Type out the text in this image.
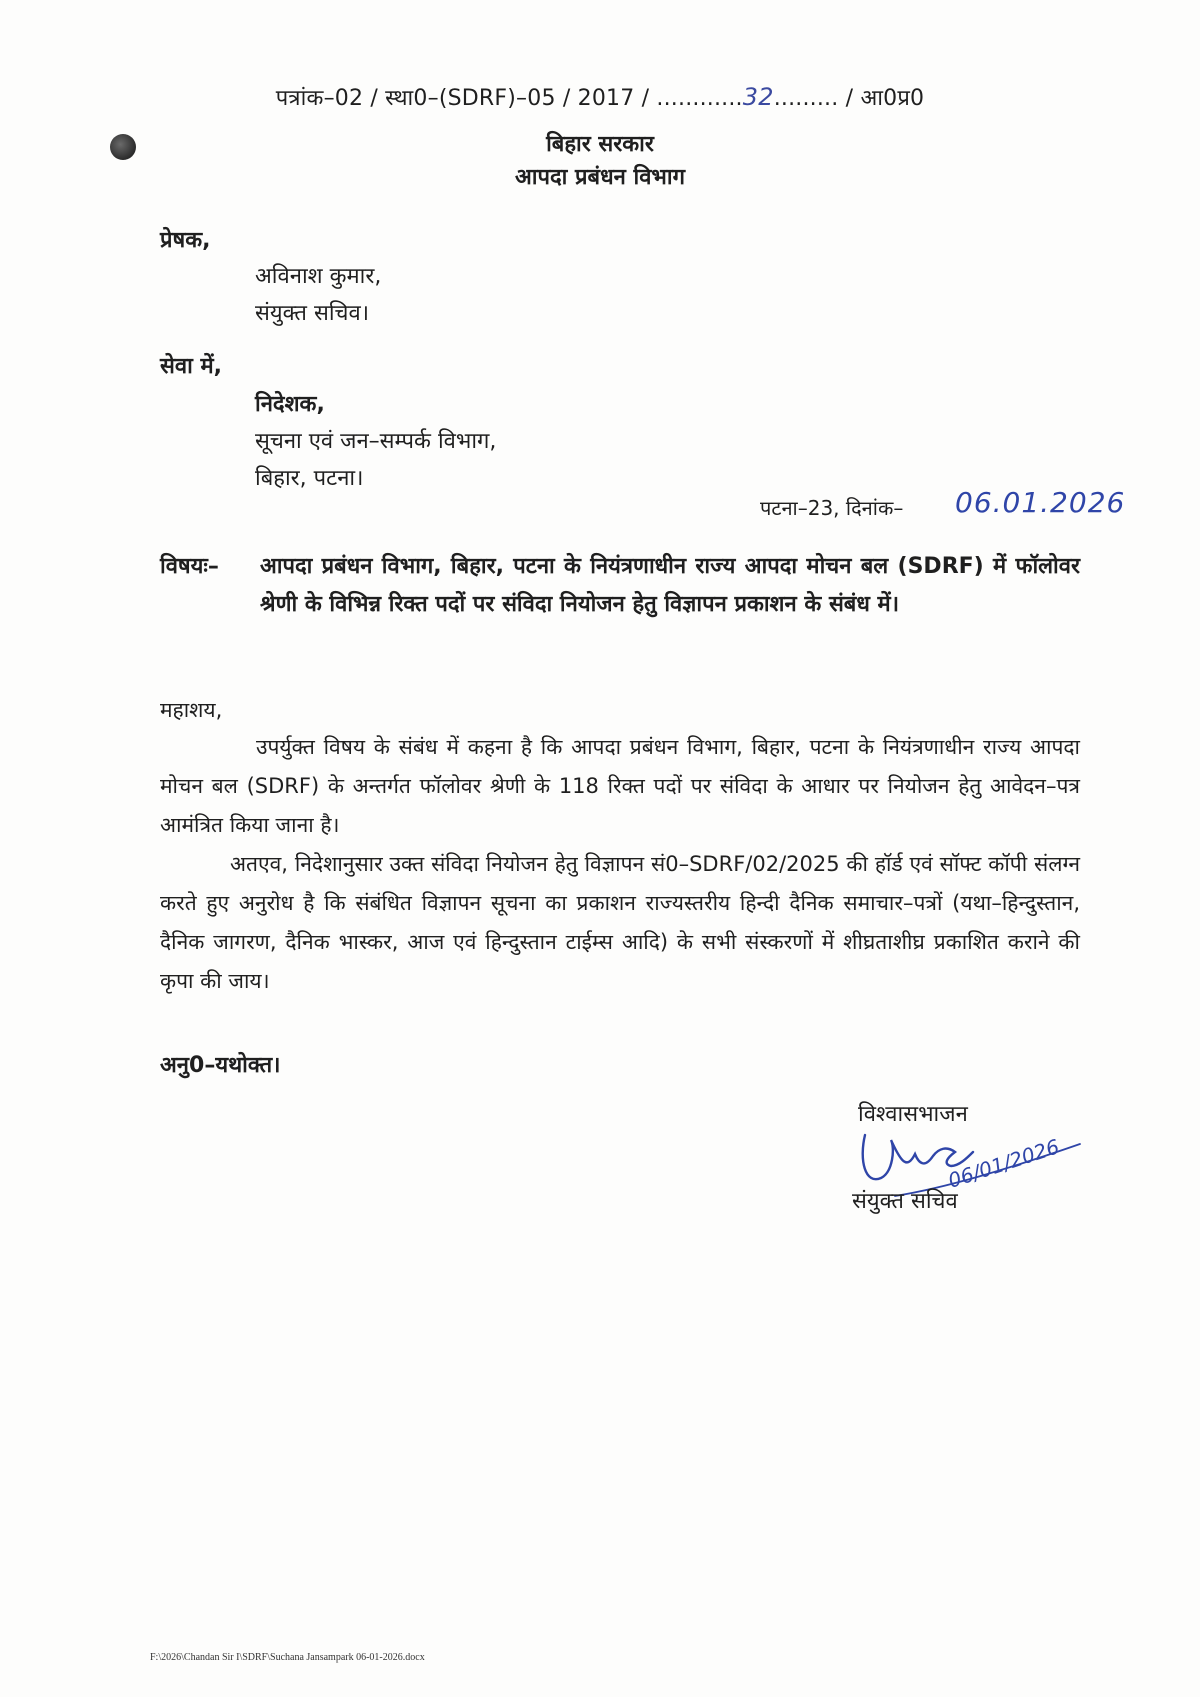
पत्रांक–02 / स्था0–(SDRF)–05 / 2017 / ............32......... / आ0प्र0
बिहार सरकार
आपदा प्रबंधन विभाग
प्रेषक,
अविनाश कुमार,
संयुक्त सचिव।
सेवा में,
निदेशक,
सूचना एवं जन–सम्पर्क विभाग,
बिहार, पटना।
पटना–23, दिनांक– 06.01.2026
विषयः– आपदा प्रबंधन विभाग, बिहार, पटना के नियंत्रणाधीन राज्य आपदा मोचन बल (SDRF) में फॉलोवर श्रेणी के विभिन्न रिक्त पदों पर संविदा नियोजन हेतु विज्ञापन प्रकाशन के संबंध में।
महाशय,
उपर्युक्त विषय के संबंध में कहना है कि आपदा प्रबंधन विभाग, बिहार, पटना के नियंत्रणाधीन राज्य आपदा मोचन बल (SDRF) के अन्तर्गत फॉलोवर श्रेणी के 118 रिक्त पदों पर संविदा के आधार पर नियोजन हेतु आवेदन–पत्र आमंत्रित किया जाना है।
अतएव, निदेशानुसार उक्त संविदा नियोजन हेतु विज्ञापन सं0–SDRF/02/2025 की हॉर्ड एवं सॉफ्ट कॉपी संलग्न करते हुए अनुरोध है कि संबंधित विज्ञापन सूचना का प्रकाशन राज्यस्तरीय हिन्दी दैनिक समाचार–पत्रों (यथा–हिन्दुस्तान, दैनिक जागरण, दैनिक भास्कर, आज एवं हिन्दुस्तान टाईम्स आदि) के सभी संस्करणों में शीघ्रताशीघ्र प्रकाशित कराने की कृपा की जाय।
अनु0–यथोक्त।
विश्वासभाजन
06/01/2026
संयुक्त सचिव
F:\2026\Chandan Sir I\SDRF\Suchana Jansampark 06-01-2026.docx
